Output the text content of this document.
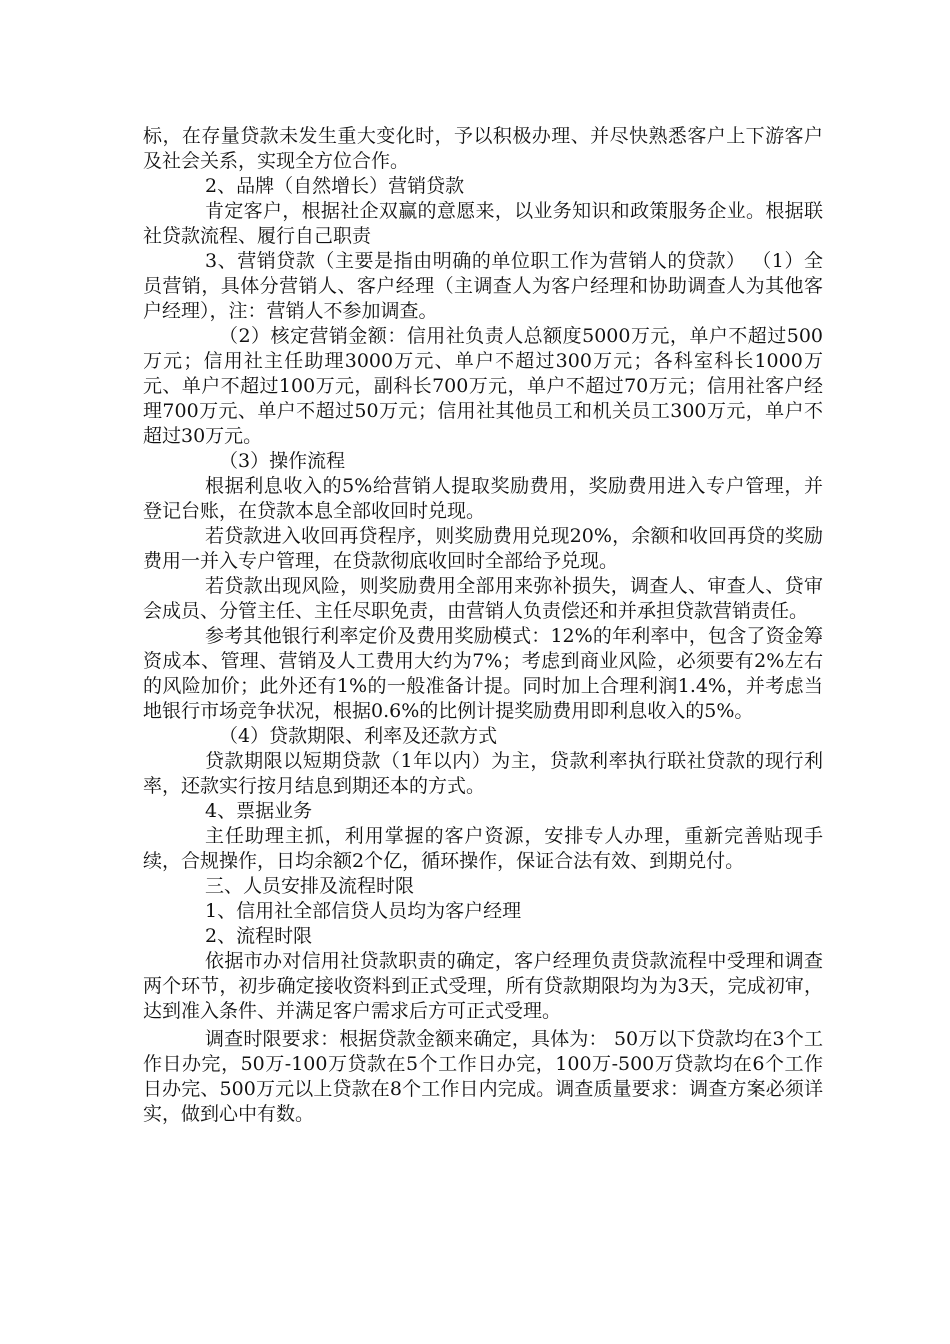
标，在存量贷款未发生重大变化时，予以积极办理、并尽快熟悉客户上下游客户及社会关系，实现全方位合作。

2、品牌（自然增长）营销贷款

肯定客户，根据社企双赢的意愿来，以业务知识和政策服务企业。根据联社贷款流程、履行自己职责

3、营销贷款（主要是指由明确的单位职工作为营销人的贷款） （1）全员营销，具体分营销人、客户经理（主调查人为客户经理和协助调查人为其他客户经理），注：营销人不参加调查。

（2）核定营销金额：信用社负责人总额度5000万元，单户不超过500万元；信用社主任助理3000万元、单户不超过300万元；各科室科长1000万元、单户不超过100万元，副科长700万元，单户不超过70万元；信用社客户经理700万元、单户不超过50万元；信用社其他员工和机关员工300万元，单户不超过30万元。

（3）操作流程

根据利息收入的5%给营销人提取奖励费用，奖励费用进入专户管理，并登记台账，在贷款本息全部收回时兑现。

若贷款进入收回再贷程序，则奖励费用兑现20%，余额和收回再贷的奖励费用一并入专户管理，在贷款彻底收回时全部给予兑现。

若贷款出现风险，则奖励费用全部用来弥补损失，调查人、审查人、贷审会成员、分管主任、主任尽职免责，由营销人负责偿还和并承担贷款营销责任。

参考其他银行利率定价及费用奖励模式：12%的年利率中，包含了资金筹资成本、管理、营销及人工费用大约为7%；考虑到商业风险，必须要有2%左右的风险加价；此外还有1%的一般准备计提。同时加上合理利润1.4%，并考虑当地银行市场竞争状况，根据0.6%的比例计提奖励费用即利息收入的5%。

（4）贷款期限、利率及还款方式

贷款期限以短期贷款（1年以内）为主，贷款利率执行联社贷款的现行利率，还款实行按月结息到期还本的方式。

4、票据业务

主任助理主抓，利用掌握的客户资源，安排专人办理，重新完善贴现手续，合规操作，日均余额2个亿，循环操作，保证合法有效、到期兑付。

三、人员安排及流程时限

1、信用社全部信贷人员均为客户经理

2、流程时限

依据市办对信用社贷款职责的确定，客户经理负责贷款流程中受理和调查两个环节，初步确定接收资料到正式受理，所有贷款期限均为为3天，完成初审，达到准入条件、并满足客户需求后方可正式受理。

调查时限要求：根据贷款金额来确定，具体为： 50万以下贷款均在3个工作日办完，50万-100万贷款在5个工作日办完，100万-500万贷款均在6个工作日办完、500万元以上贷款在8个工作日内完成。调查质量要求：调查方案必须详实，做到心中有数。
